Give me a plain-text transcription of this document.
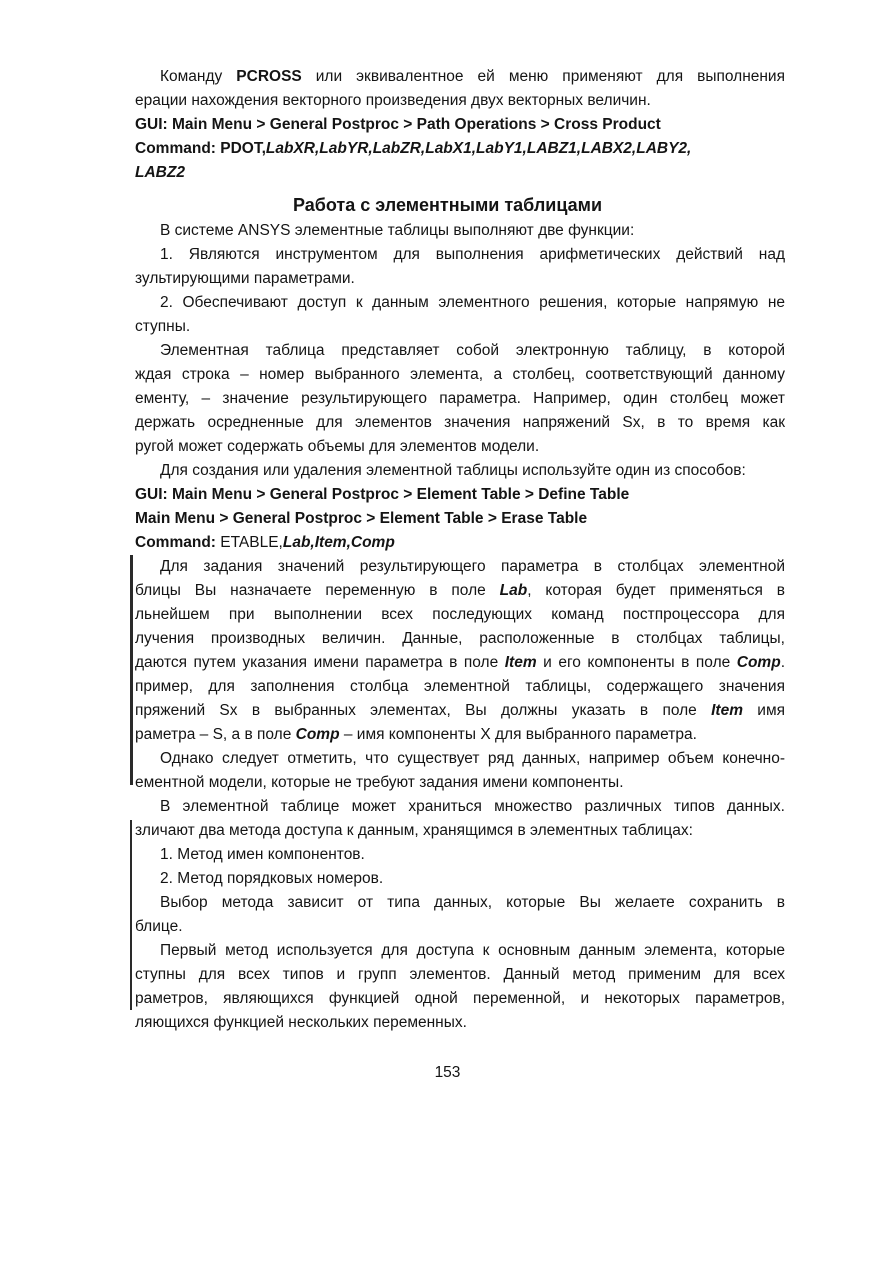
Команду PCROSS или эквивалентное ей меню применяют для выполнения
ерации нахождения векторного произведения двух векторных величин.
GUI: Main Menu > General Postproc > Path Operations > Cross Product
Command: PDOT,LabXR,LabYR,LabZR,LabX1,LabY1,LABZ1,LABX2,LABY2,
LABZ2
Работа с элементными таблицами
В системе ANSYS элементные таблицы выполняют две функции:
1. Являются инструментом для выполнения арифметических действий над
зультирующими параметрами.
2. Обеспечивают доступ к данным элементного решения, которые напрямую не
ступны.
Элементная таблица представляет собой электронную таблицу, в которой
ждая строка – номер выбранного элемента, а столбец, соответствующий данному
ементу, – значение результирующего параметра. Например, один столбец может
держать осредненные для элементов значения напряжений Sx, в то время как
ругой может содержать объемы для элементов модели.
Для создания или удаления элементной таблицы используйте один из способов:
GUI: Main Menu > General Postproc > Element Table > Define Table
Main Menu > General Postproc > Element Table > Erase Table
Command: ETABLE,Lab,Item,Comp
Для задания значений результирующего параметра в столбцах элементной
блицы Вы назначаете переменную в поле Lab, которая будет применяться в
льнейшем при выполнении всех последующих команд постпроцессора для
лучения производных величин. Данные, расположенные в столбцах таблицы,
даются путем указания имени параметра в поле Item и его компоненты в поле Comp.
пример, для заполнения столбца элементной таблицы, содержащего значения
пряжений Sx в выбранных элементах, Вы должны указать в поле Item имя
раметра – S, а в поле Comp – имя компоненты X для выбранного параметра.
Однако следует отметить, что существует ряд данных, например объем конечно-
ементной модели, которые не требуют задания имени компоненты.
В элементной таблице может храниться множество различных типов данных.
зличают два метода доступа к данным, хранящимся в элементных таблицах:
1. Метод имен компонентов.
2. Метод порядковых номеров.
Выбор метода зависит от типа данных, которые Вы желаете сохранить в
блице.
Первый метод используется для доступа к основным данным элемента, которые
ступны для всех типов и групп элементов. Данный метод применим для всех
раметров, являющихся функцией одной переменной, и некоторых параметров,
ляющихся функцией нескольких переменных.
153
